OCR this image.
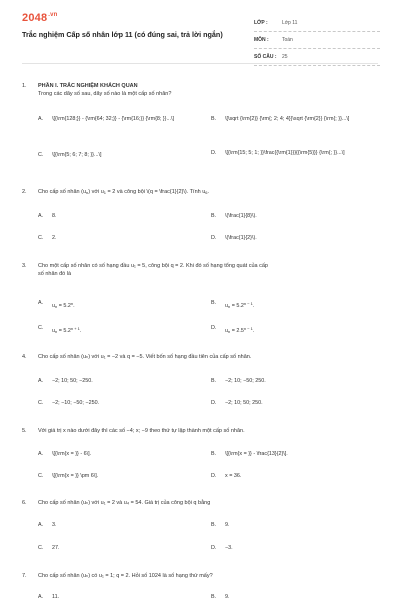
$2048^{.vn}$
Trắc nghiệm Cấp số nhân lớp 11 (có đúng sai, trả lời ngắn)
LỚP :	Lớp 11
MÔN :	Toán
SỐ CÂU :	25
1.	PHẦN I. TRẮC NGHIỆM KHÁCH QUAN
Trong các dãy số sau, dãy số nào là một cấp số nhân?
A.	\[{\rm{128;}} - {\rm{64; 32;}} - {\rm{16;}} {\rm{8; }}...\]	B.	\[\sqrt {\rm{2}} {\rm{; 2; 4; 4}}\sqrt {\rm{2}} {\rm{; }}...\]
C.	\[{\rm{5; 6; 7; 8; }}...\]	D.	\[{\rm{15; 5; 1; }}\frac{{\rm{1}}}{{\rm{5}}} {\rm{; }}...\]
2.	Cho cấp số nhân $(u_n)$ với $u_1 = 2$ và công bội \(q = \frac{1}{2}\). Tính $u_6$.
A.	8.	B.	\(\frac{1}{8}\).
C.	2.	D.	\(\frac{1}{2}\).
3.	Cho một cấp số nhân có số hạng đầu u₁ = 5, công bội q = 2. Khi đó số hạng tổng quát của cấp
số nhân đó là
A.	$u_n = 5.2^n$.	B.	$u_n = 5.2^{n - 1}$.
C.	$u_n = 5.2^{n + 1}$.	D.	$u_n = 2.5^{n - 1}$.
4.	Cho cấp số nhân (uₙ) với u₁ = −2 và q = −5. Viết bốn số hạng đầu tiên của cấp số nhân.
A.	−2; 10; 50; −250.	B.	−2; 10; −50; 250.
C.	−2; −10; −50; −250.	D.	−2; 10; 50; 250.
5.	Với giá trị x nào dưới đây thì các số −4; x; −9 theo thứ tự lập thành một cấp số nhân.
A.	\[{\rm{x = }} - 6\].	B.	\[{\rm{x = }} - \frac{13}{2}\].
C.	\[{\rm{x = }} \pm 6\].	D.	x = 36.
6.	Cho cấp số nhân (uₙ) với u₁ = 2 và u₄ = 54. Giá trị của công bội q bằng
A.	3.	B.	9.
C.	27.	D.	−3.
7.	Cho cấp số nhân (uₙ) có u₁ = 1; q = 2. Hỏi số 1024 là số hạng thứ mấy?
A.	11.	B.	9.
